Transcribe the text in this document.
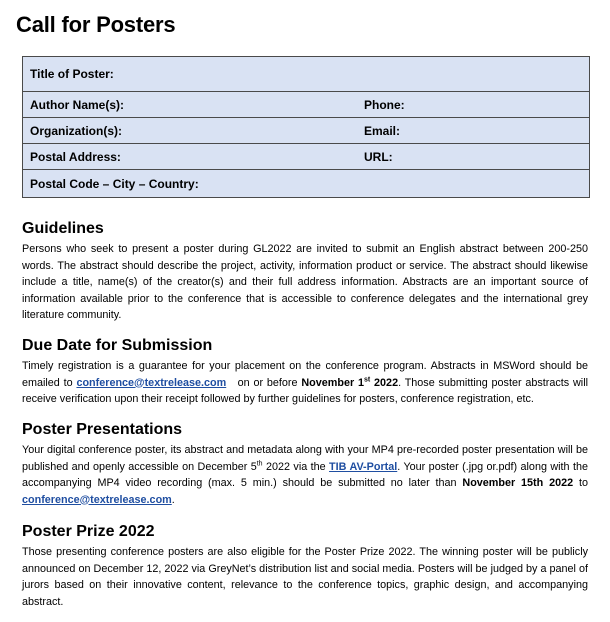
Call for Posters
Title of Poster:

Author Name(s):	Phone:

Organization(s):	Email:

Postal Address:	URL:

Postal Code – City – Country:
Guidelines

Persons who seek to present a poster during GL2022 are invited to submit an English abstract between 200-250 words. The abstract should describe the project, activity, information product or service. The abstract should likewise include a title, name(s) of the creator(s) and their full address information. Abstracts are an important source of information available prior to the conference that is accessible to conference delegates and the international grey literature community.

Due Date for Submission

Timely registration is a guarantee for your placement on the conference program. Abstracts in MSWord should be emailed to conference@textrelease.com   on or before November 1st 2022. Those submitting poster abstracts will receive verification upon their receipt followed by further guidelines for posters, conference registration, etc.

Poster Presentations

Your digital conference poster, its abstract and metadata along with your MP4 pre-recorded poster presentation will be published and openly accessible on December 5th 2022 via the TIB AV-Portal. Your poster (.jpg or.pdf) along with the accompanying MP4 video recording (max. 5 min.) should be submitted no later than November 15th 2022 to conference@textrelease.com.

Poster Prize 2022

Those presenting conference posters are also eligible for the Poster Prize 2022. The winning poster will be publicly announced on December 12, 2022 via GreyNet’s distribution list and social media. Posters will be judged by a panel of jurors based on their innovative content, relevance to the conference topics, graphic design, and accompanying abstract.
